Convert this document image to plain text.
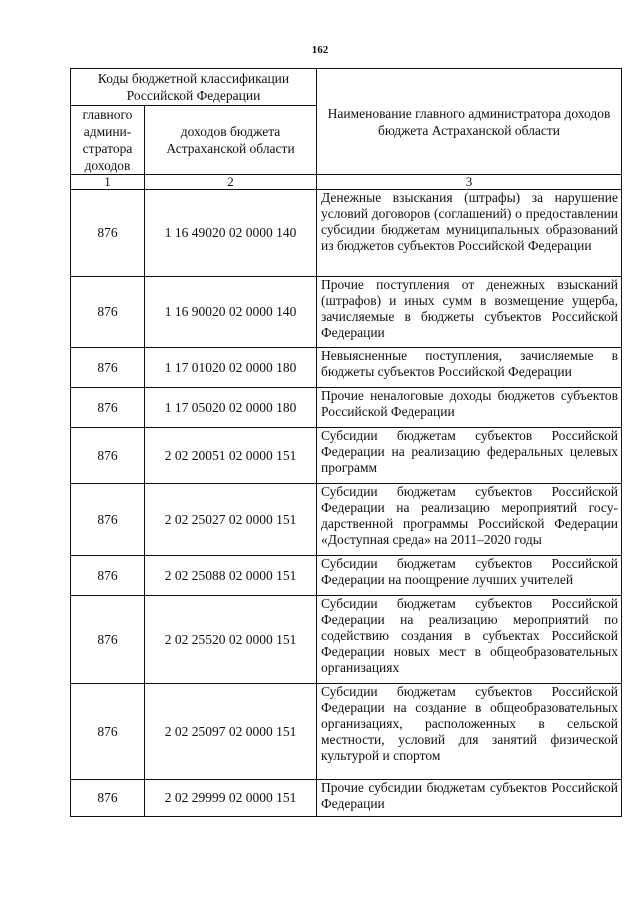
162
Коды бюджетной классификации Российской Федерации		Наименование главного администратора доходов бюджета Астраханской области
главного админи-стратора доходов	доходов бюджета Астраханской области	
1	2	3
876	1 16 49020 02 0000 140	Денежные взыскания (штрафы) за нарушение условий договоров (соглашений) о предоставлении субсидии бюджетам муниципальных образований из бюджетов субъектов Российской Федерации
876	1 16 90020 02 0000 140	Прочие поступления от денежных взысканий (штрафов) и иных сумм в возмещение ущерба, зачисляемые в бюджеты субъектов Российской Федерации
876	1 17 01020 02 0000 180	Невыясненные поступления, зачисляемые в бюджеты субъектов Российской Федерации
876	1 17 05020 02 0000 180	Прочие неналоговые доходы бюджетов субъектов Российской Федерации
876	2 02 20051 02 0000 151	Субсидии бюджетам субъектов Российской Федерации на реализацию федеральных целевых программ
876	2 02 25027 02 0000 151	Субсидии бюджетам субъектов Российской Федерации на реализацию мероприятий государственной программы Российской Федерации «Доступная среда» на 2011–2020 годы
876	2 02 25088 02 0000 151	Субсидии бюджетам субъектов Российской Федерации на поощрение лучших учителей
876	2 02 25520 02 0000 151	Субсидии бюджетам субъектов Российской Федерации на реализацию мероприятий по содействию создания в субъектах Российской Федерации новых мест в общеобразовательных организациях
876	2 02 25097 02 0000 151	Субсидии бюджетам субъектов Российской Федерации на создание в общеобразовательных организациях, расположенных в сельской местности, условий для занятий физической культурой и спортом
876	2 02 29999 02 0000 151	Прочие субсидии бюджетам субъектов Российской Федерации
